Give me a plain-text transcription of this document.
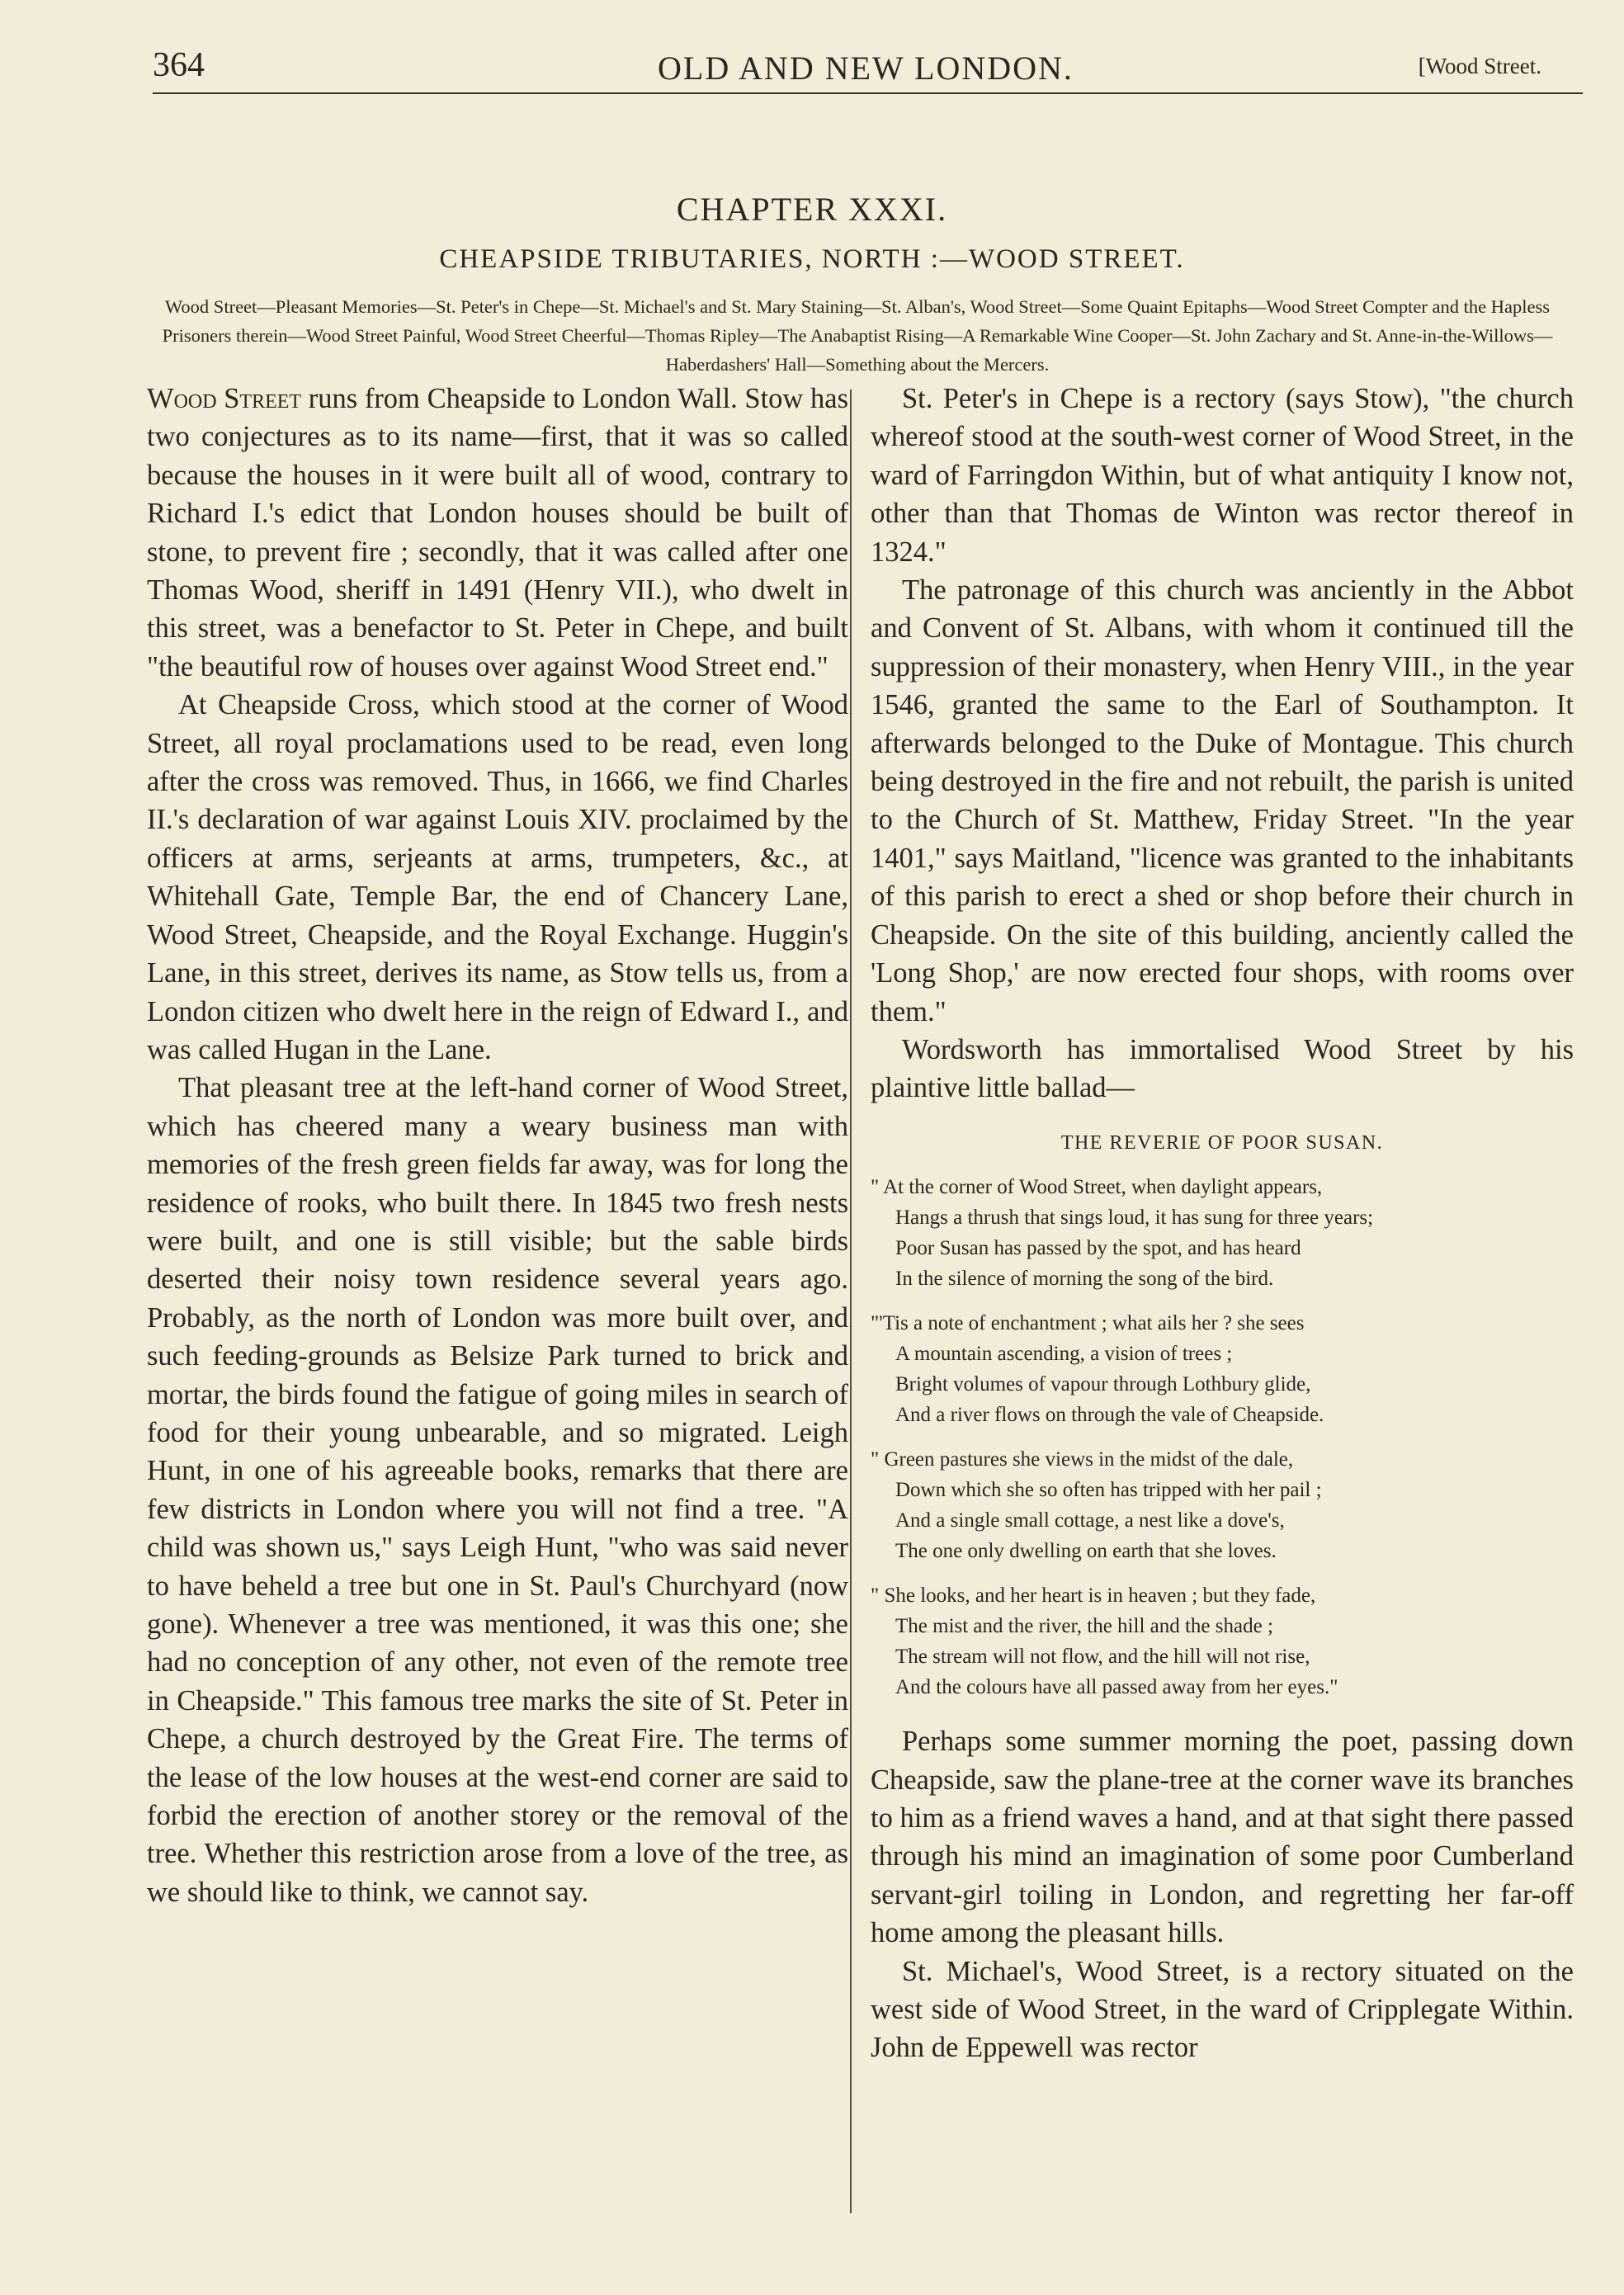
364	OLD AND NEW LONDON.	[Wood Street.
CHAPTER XXXI.
CHEAPSIDE TRIBUTARIES, NORTH :—WOOD STREET.
Wood Street—Pleasant Memories—St. Peter's in Chepe—St. Michael's and St. Mary Staining—St. Alban's, Wood Street—Some Quaint Epitaphs—Wood Street Compter and the Hapless Prisoners therein—Wood Street Painful, Wood Street Cheerful—Thomas Ripley—The Anabaptist Rising—A Remarkable Wine Cooper—St. John Zachary and St. Anne-in-the-Willows—Haberdashers' Hall—Something about the Mercers.

Wood Street runs from Cheapside to London Wall. Stow has two conjectures as to its name—first, that it was so called because the houses in it were built all of wood, contrary to Richard I.'s edict that London houses should be built of stone, to prevent fire ; secondly, that it was called after one Thomas Wood, sheriff in 1491 (Henry VII.), who dwelt in this street, was a benefactor to St. Peter in Chepe, and built "the beautiful row of houses over against Wood Street end."

At Cheapside Cross, which stood at the corner of Wood Street, all royal proclamations used to be read, even long after the cross was removed. Thus, in 1666, we find Charles II.'s declaration of war against Louis XIV. proclaimed by the officers at arms, serjeants at arms, trumpeters, &c., at Whitehall Gate, Temple Bar, the end of Chancery Lane, Wood Street, Cheapside, and the Royal Exchange. Huggin's Lane, in this street, derives its name, as Stow tells us, from a London citizen who dwelt here in the reign of Edward I., and was called Hugan in the Lane.

That pleasant tree at the left-hand corner of Wood Street, which has cheered many a weary business man with memories of the fresh green fields far away, was for long the residence of rooks, who built there. In 1845 two fresh nests were built, and one is still visible; but the sable birds deserted their noisy town residence several years ago. Probably, as the north of London was more built over, and such feeding-grounds as Belsize Park turned to brick and mortar, the birds found the fatigue of going miles in search of food for their young unbearable, and so migrated. Leigh Hunt, in one of his agreeable books, remarks that there are few districts in London where you will not find a tree. "A child was shown us," says Leigh Hunt, "who was said never to have beheld a tree but one in St. Paul's Churchyard (now gone). Whenever a tree was mentioned, it was this one; she had no conception of any other, not even of the remote tree in Cheapside." This famous tree marks the site of St. Peter in Chepe, a church destroyed by the Great Fire. The terms of the lease of the low houses at the west-end corner are said to forbid the erection of another storey or the removal of the tree. Whether this restriction arose from a love of the tree, as we should like to think, we cannot say.

St. Peter's in Chepe is a rectory (says Stow), "the church whereof stood at the south-west corner of Wood Street, in the ward of Farringdon Within, but of what antiquity I know not, other than that Thomas de Winton was rector thereof in 1324."

The patronage of this church was anciently in the Abbot and Convent of St. Albans, with whom it continued till the suppression of their monastery, when Henry VIII., in the year 1546, granted the same to the Earl of Southampton. It afterwards belonged to the Duke of Montague. This church being destroyed in the fire and not rebuilt, the parish is united to the Church of St. Matthew, Friday Street. "In the year 1401," says Maitland, "licence was granted to the inhabitants of this parish to erect a shed or shop before their church in Cheapside. On the site of this building, anciently called the 'Long Shop,' are now erected four shops, with rooms over them."

Wordsworth has immortalised Wood Street by his plaintive little ballad—

THE REVERIE OF POOR SUSAN.
" At the corner of Wood Street, when daylight appears,
Hangs a thrush that sings loud, it has sung for three years;
Poor Susan has passed by the spot, and has heard
In the silence of morning the song of the bird.
"'Tis a note of enchantment ; what ails her ? she sees
A mountain ascending, a vision of trees ;
Bright volumes of vapour through Lothbury glide,
And a river flows on through the vale of Cheapside.
" Green pastures she views in the midst of the dale,
Down which she so often has tripped with her pail ;
And a single small cottage, a nest like a dove's,
The one only dwelling on earth that she loves.
" She looks, and her heart is in heaven ; but they fade,
The mist and the river, the hill and the shade ;
The stream will not flow, and the hill will not rise,
And the colours have all passed away from her eyes."

Perhaps some summer morning the poet, passing down Cheapside, saw the plane-tree at the corner wave its branches to him as a friend waves a hand, and at that sight there passed through his mind an imagination of some poor Cumberland servant-girl toiling in London, and regretting her far-off home among the pleasant hills.

St. Michael's, Wood Street, is a rectory situated on the west side of Wood Street, in the ward of Cripplegate Within. John de Eppewell was rector
